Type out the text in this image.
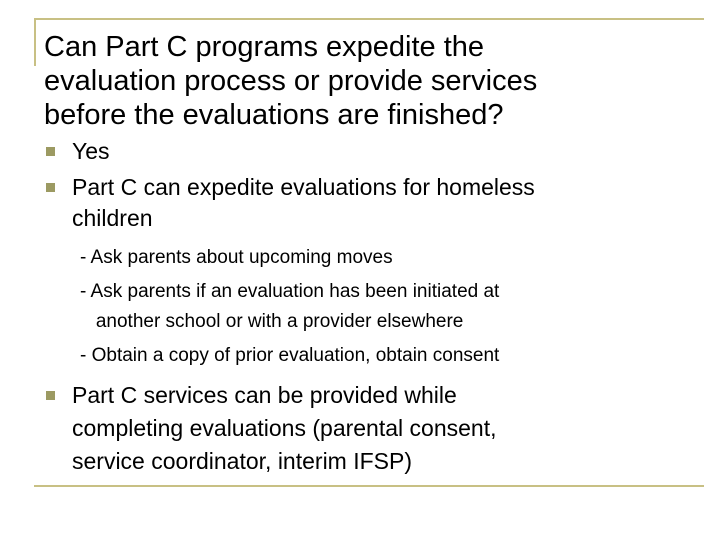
Can Part C programs expedite the
evaluation process or provide services
before the evaluations are finished?
Yes
Part C can expedite evaluations for homeless
children
- Ask parents about upcoming moves
- Ask parents if an evaluation has been initiated at
another school or with a provider elsewhere
- Obtain a copy of prior evaluation, obtain consent
Part C services can be provided while
completing evaluations (parental consent,
service coordinator, interim IFSP)
